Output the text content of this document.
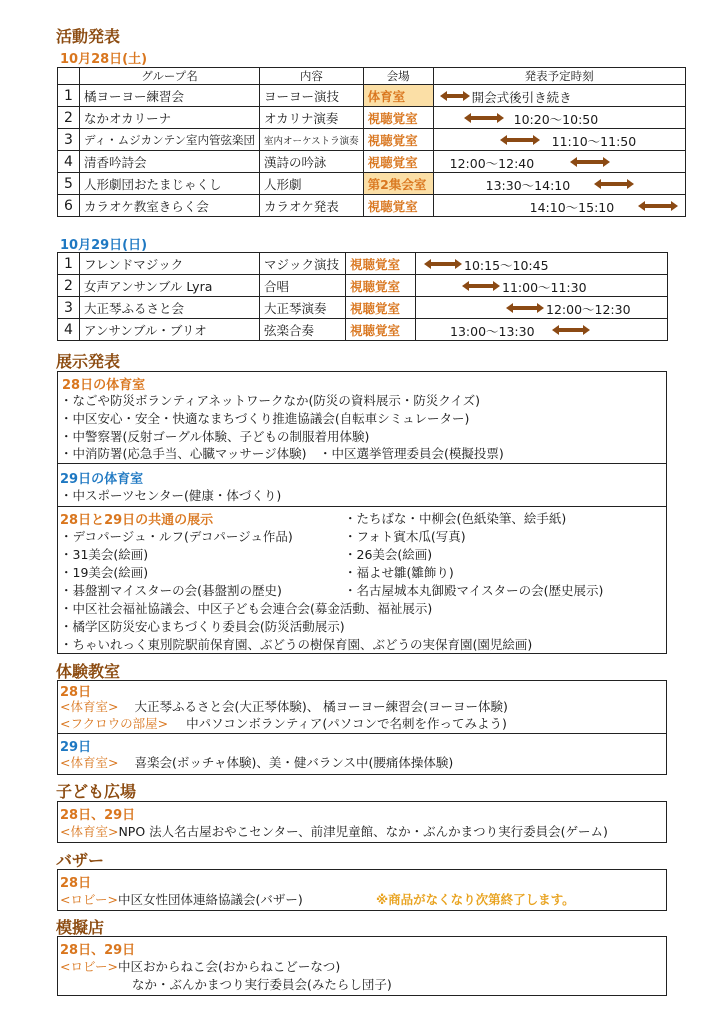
活動発表
10月28日(土)
	グループ名	内容	会場	発表予定時刻
1	橘ヨーヨー練習会	ヨーヨー演技	体育室	開会式後引き続き

2	なかオカリーナ	オカリナ演奏	視聴覚室	10:20～10:50

3	ディ・ムジカンテン室内管弦楽団	室内オーケストラ演奏	視聴覚室	11:10～11:50

4	清香吟詩会	漢詩の吟詠	視聴覚室	12:00～12:40

5	人形劇団おたまじゃくし	人形劇	第2集会室	13:30～14:10

6	カラオケ教室きらく会	カラオケ発表	視聴覚室	14:10～15:10
10月29日(日)
1	フレンドマジック	マジック演技	視聴覚室	10:15～10:45

2	女声アンサンブル Lyra	合唱	視聴覚室	11:00～11:30

3	大正琴ふるさと会	大正琴演奏	視聴覚室	12:00～12:30

4	アンサンブル・ブリオ	弦楽合奏	視聴覚室	13:00～13:30
展示発表
28日の体育室
・なごや防災ボランティアネットワークなか(防災の資料展示・防災クイズ)
・中区安心・安全・快適なまちづくり推進協議会(自転車シミュレーター)
・中警察署(反射ゴーグル体験、子どもの制服着用体験)
・中消防署(応急手当、心臓マッサージ体験)　・中区選挙管理委員会(模擬投票)
29日の体育室
・中スポーツセンター(健康・体づくり)
28日と29日の共通の展示
・デコパージュ・ルフ(デコパージュ作品)
・31美会(絵画)
・19美会(絵画)
・碁盤割マイスターの会(碁盤割の歴史)
・たちばな・中柳会(色紙染筆、絵手紙)
・フォト賓木瓜(写真)
・26美会(絵画)
・福よせ雛(雛飾り)
・名古屋城本丸御殿マイスターの会(歴史展示)
・中区社会福祉協議会、中区子ども会連合会(募金活動、福祉展示)
・橘学区防災安心まちづくり委員会(防災活動展示)
・ちゃいれっく東別院駅前保育園、ぶどうの樹保育園、ぶどうの実保育園(園児絵画)
体験教室
28日
<体育室> 大正琴ふるさと会(大正琴体験)、 橘ヨーヨー練習会(ヨーヨー体験)
<フクロウの部屋> 中パソコンボランティア(パソコンで名刺を作ってみよう)
29日
<体育室> 喜楽会(ボッチャ体験)、美・健バランス中(腰痛体操体験)
子ども広場
28日、29日
<体育室>NPO 法人名古屋おやこセンター、前津児童館、なか・ぶんかまつり実行委員会(ゲーム)
バザー
28日
<ロビー>中区女性団体連絡協議会(バザー)	※商品がなくなり次第終了します。
模擬店
28日、29日
<ロビー>中区おからねこ会(おからねこどーなつ)
なか・ぶんかまつり実行委員会(みたらし団子)
